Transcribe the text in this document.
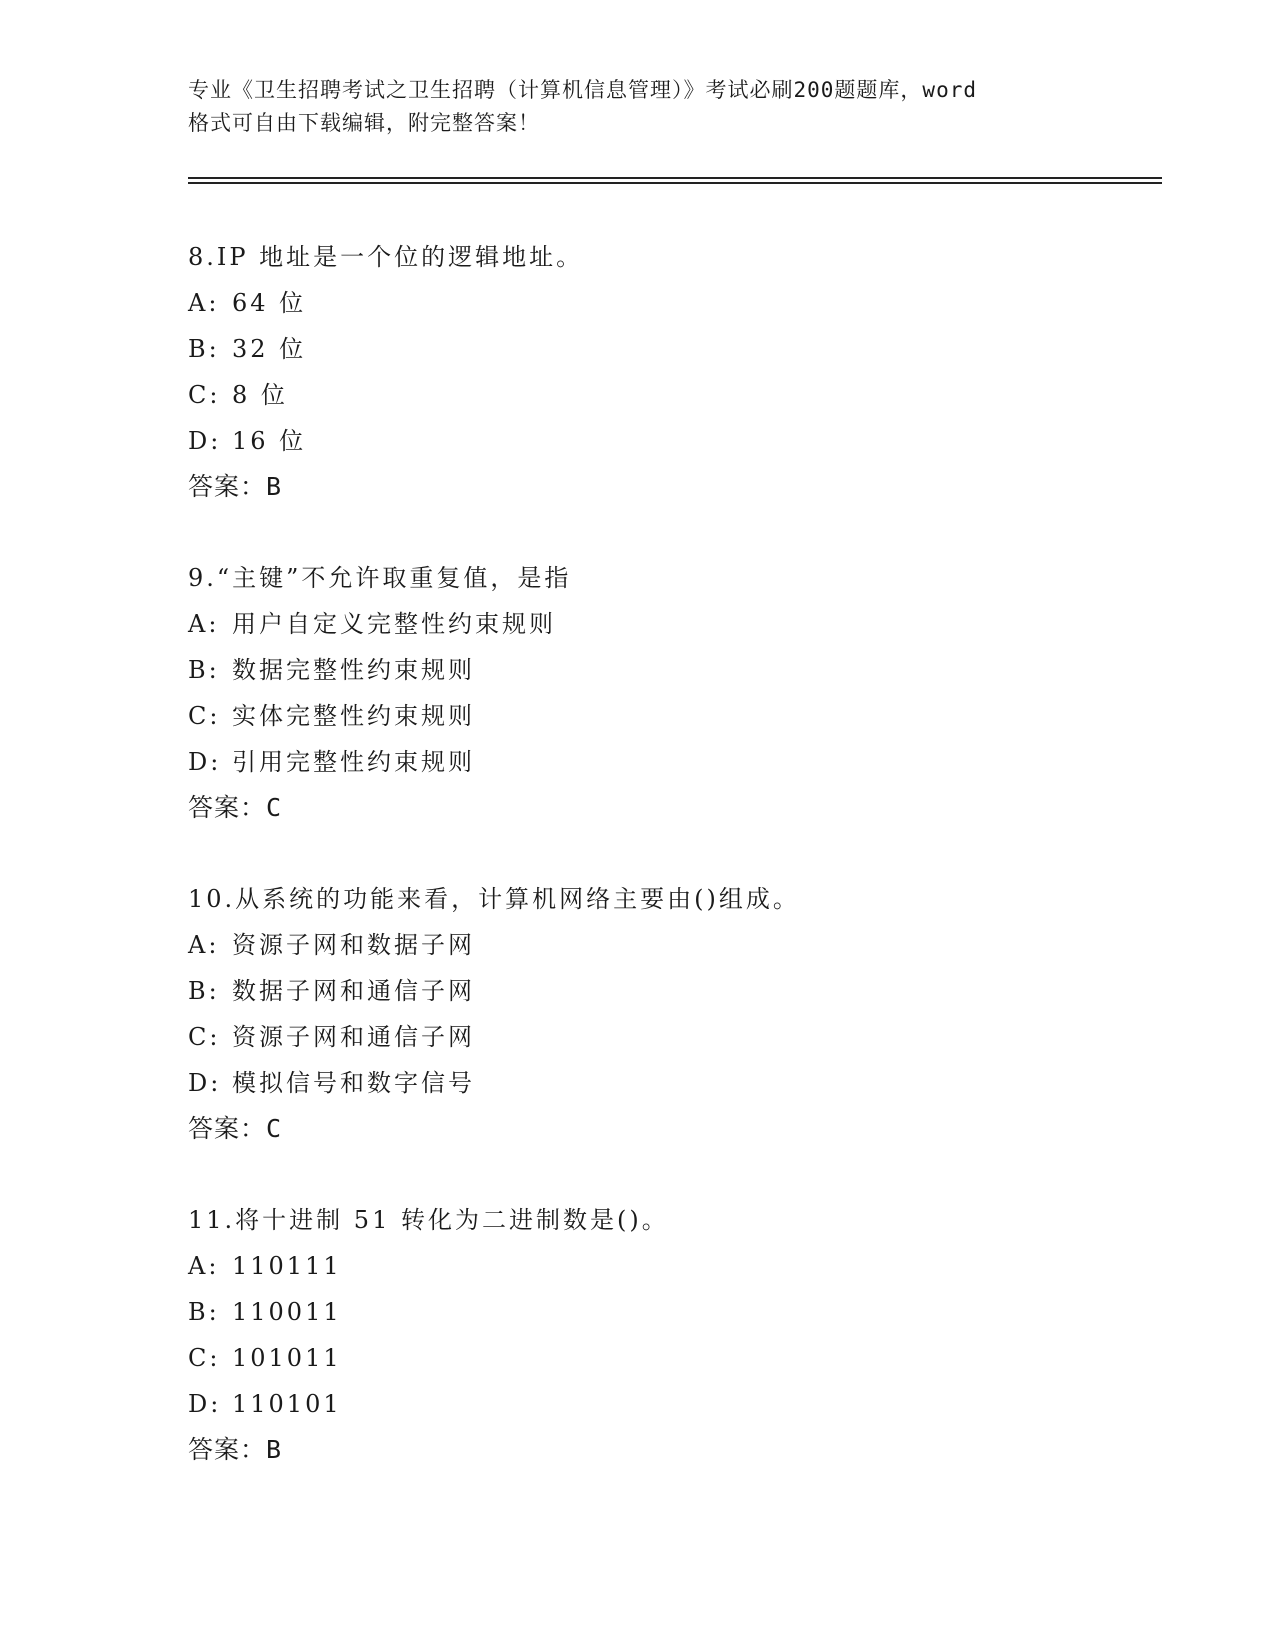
专业《卫生招聘考试之卫生招聘（计算机信息管理）》考试必刷200题题库，word
格式可自由下载编辑，附完整答案！
8.IP 地址是一个位的逻辑地址。
A: 64 位
B: 32 位
C: 8 位
D: 16 位
答案：B
9.“主键”不允许取重复值，是指
A: 用户自定义完整性约束规则
B: 数据完整性约束规则
C: 实体完整性约束规则
D: 引用完整性约束规则
答案：C
10.从系统的功能来看，计算机网络主要由()组成。
A: 资源子网和数据子网
B: 数据子网和通信子网
C: 资源子网和通信子网
D: 模拟信号和数字信号
答案：C
11.将十进制 51 转化为二进制数是()。
A: 110111
B: 110011
C: 101011
D: 110101
答案：B
